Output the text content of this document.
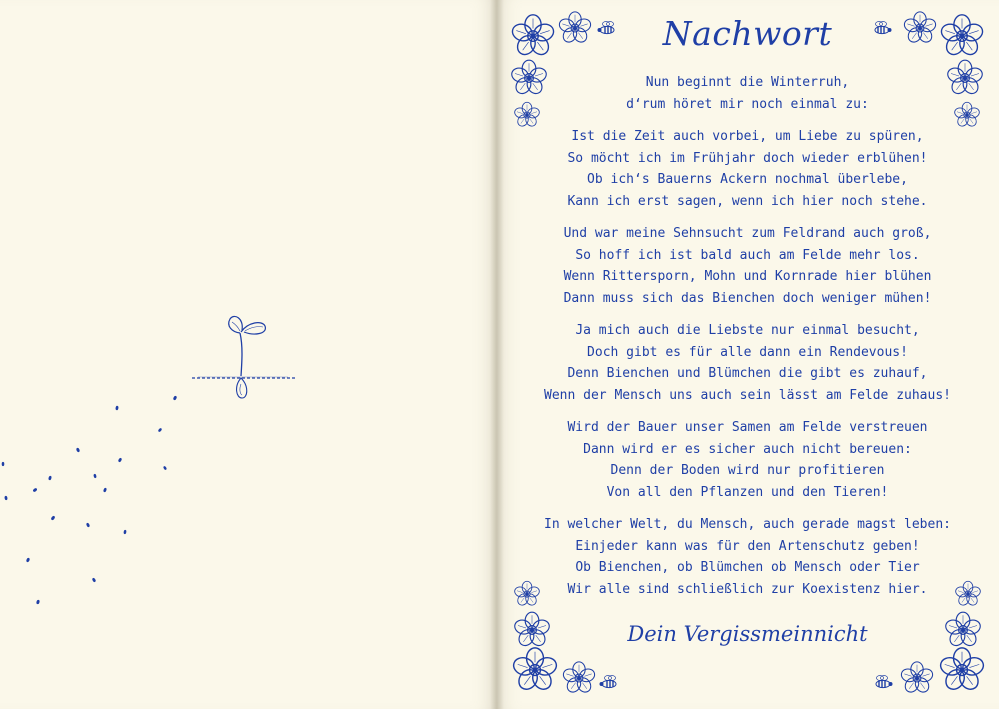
Nachwort
Nun beginnt die Winterruh,
d‘rum höret mir noch einmal zu:
Ist die Zeit auch vorbei, um Liebe zu spüren,
So möcht ich im Frühjahr doch wieder erblühen!
Ob ich‘s Bauerns Ackern nochmal überlebe,
Kann ich erst sagen, wenn ich hier noch stehe.
Und war meine Sehnsucht zum Feldrand auch groß,
So hoff ich ist bald auch am Felde mehr los.
Wenn Rittersporn, Mohn und Kornrade hier blühen
Dann muss sich das Bienchen doch weniger mühen!
Ja mich auch die Liebste nur einmal besucht,
Doch gibt es für alle dann ein Rendevous!
Denn Bienchen und Blümchen die gibt es zuhauf,
Wenn der Mensch uns auch sein lässt am Felde zuhaus!
Wird der Bauer unser Samen am Felde verstreuen
Dann wird er es sicher auch nicht bereuen:
Denn der Boden wird nur profitieren
Von all den Pflanzen und den Tieren!
In welcher Welt, du Mensch, auch gerade magst leben:
Einjeder kann was für den Artenschutz geben!
Ob Bienchen, ob Blümchen ob Mensch oder Tier
Wir alle sind schließlich zur Koexistenz hier.
Dein Vergissmeinnicht
